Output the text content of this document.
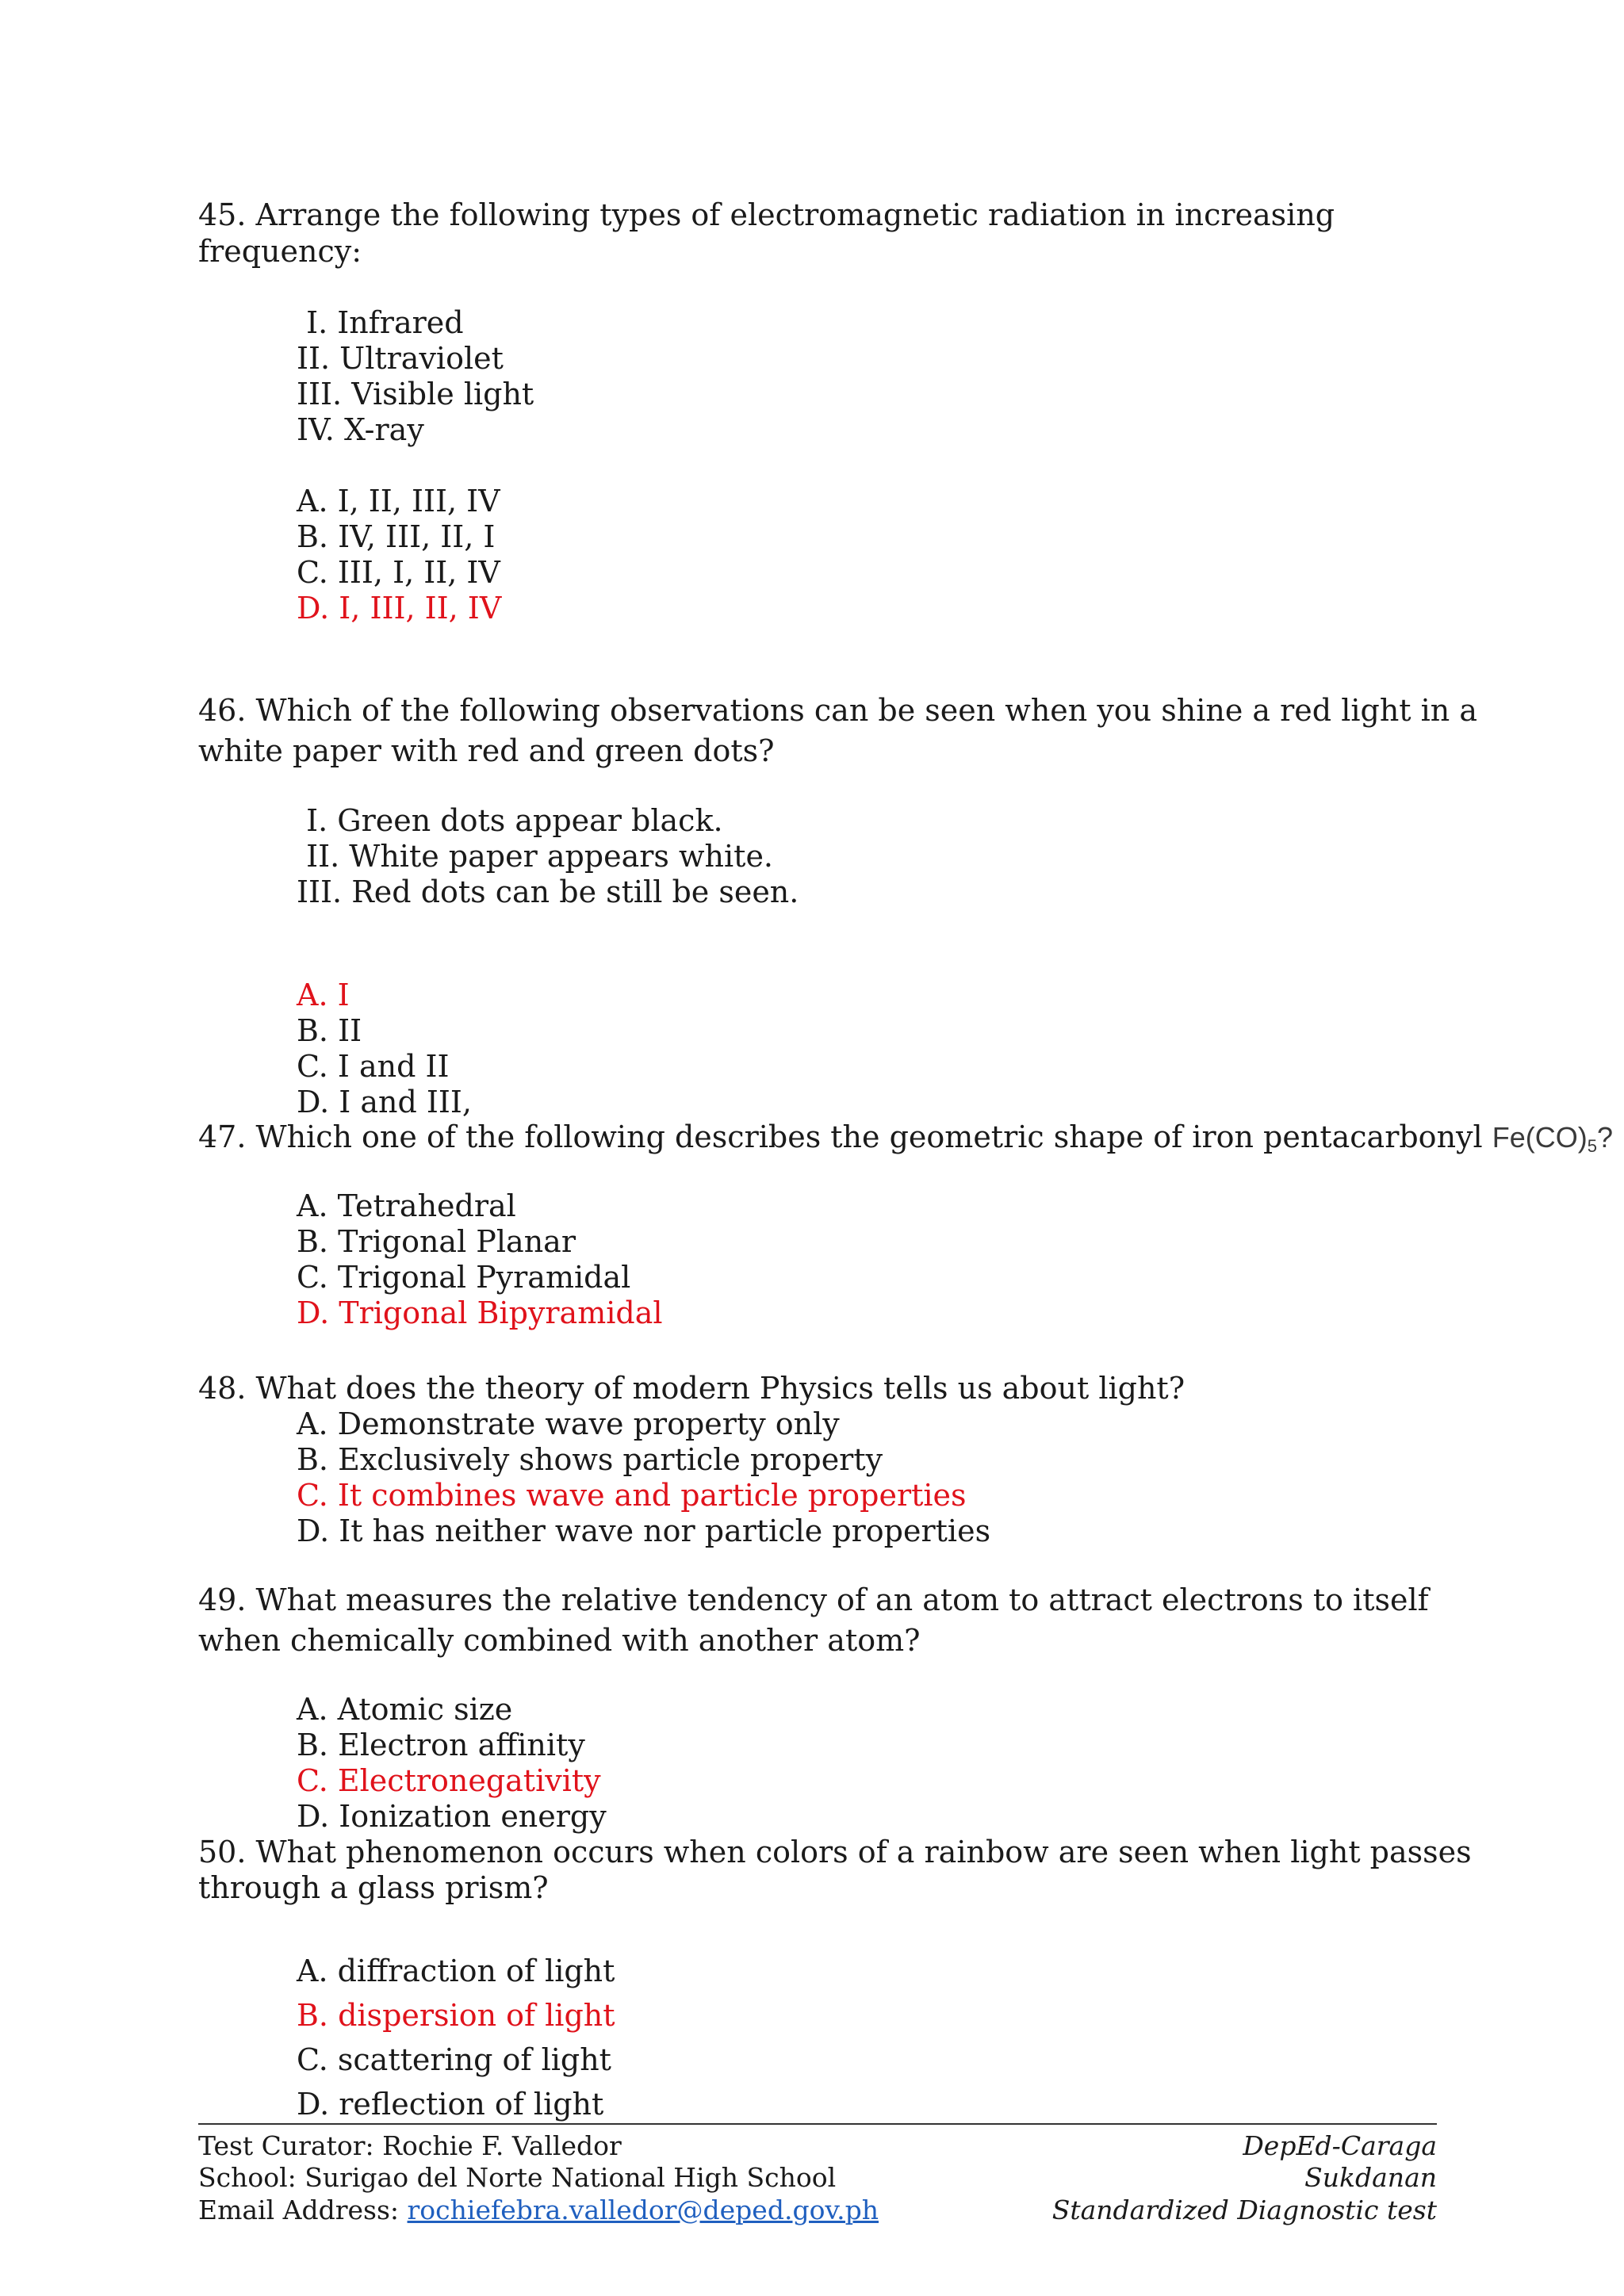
45. Arrange the following types of electromagnetic radiation in increasing
frequency:
I. Infrared
II. Ultraviolet
III. Visible light
IV. X-ray
A. I, II, III, IV
B. IV, III, II, I
C. III, I, II, IV
D. I, III, II, IV
46. Which of the following observations can be seen when you shine a red light in a
white paper with red and green dots?
I. Green dots appear black.
II. White paper appears white.
III. Red dots can be still be seen.
A. I
B. II
C. I and II
D. I and III,
47. Which one of the following describes the geometric shape of iron pentacarbonyl $Fe(CO)_5$?
A. Tetrahedral
B. Trigonal Planar
C. Trigonal Pyramidal
D. Trigonal Bipyramidal
48. What does the theory of modern Physics tells us about light?
A. Demonstrate wave property only
B. Exclusively shows particle property
C. It combines wave and particle properties
D. It has neither wave nor particle properties
49. What measures the relative tendency of an atom to attract electrons to itself
when chemically combined with another atom?
A. Atomic size
B. Electron affinity
C. Electronegativity
D. Ionization energy
50. What phenomenon occurs when colors of a rainbow are seen when light passes
through a glass prism?
A. diffraction of light
B. dispersion of light
C. scattering of light
D. reflection of light
Test Curator: Rochie F. Valledor
School: Surigao del Norte National High School
Email Address: rochiefebra.valledor@deped.gov.ph
DepEd-Caraga
Sukdanan
Standardized Diagnostic test
